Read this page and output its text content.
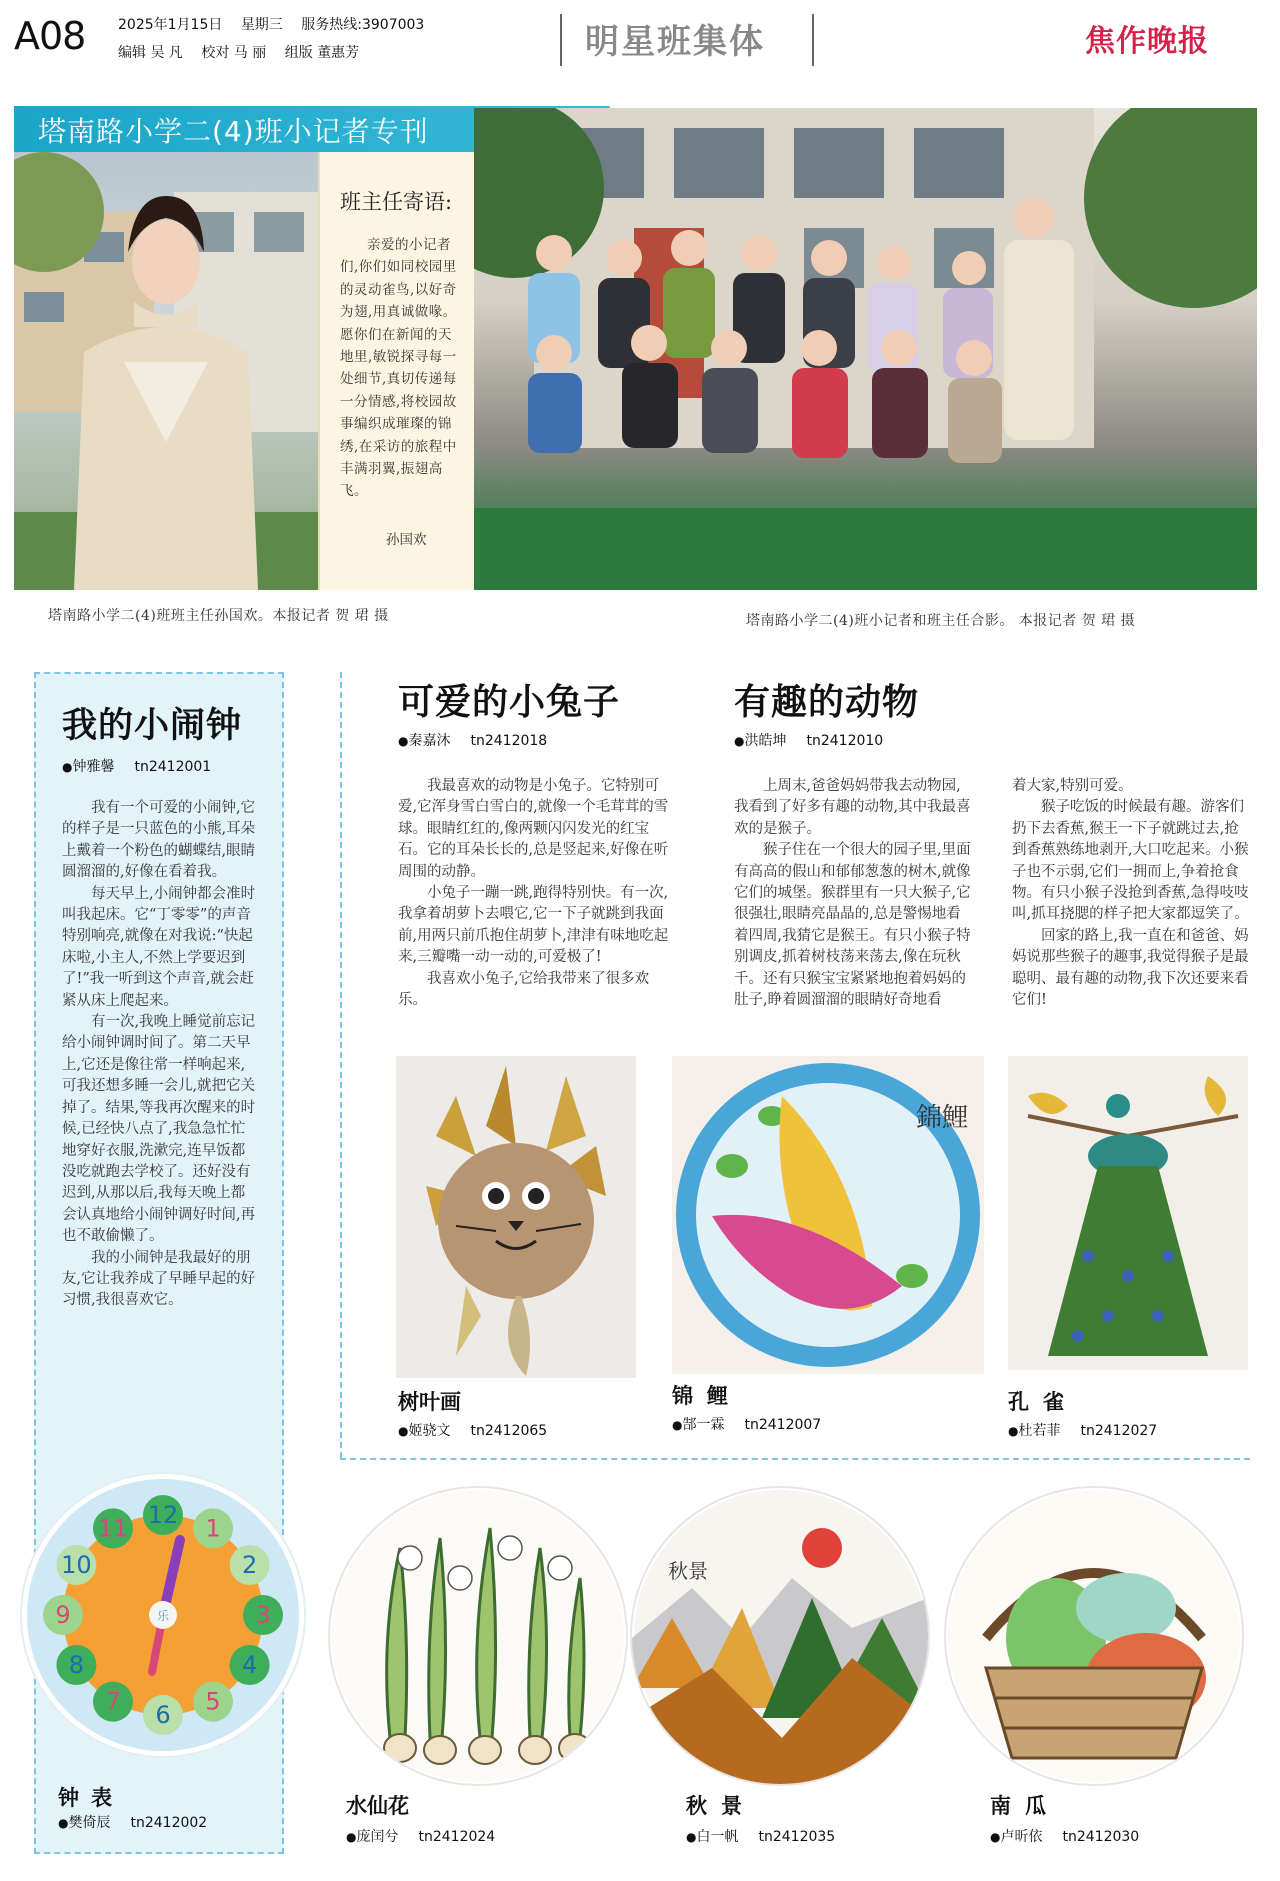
A08 2025年1月15日 星期三 服务热线:3907003
编辑 吴 凡 校对 马 丽 组版 董惠芳	明星班集体	焦作晚报
塔南路小学二(4)班小记者专刊
班主任寄语:
亲爱的小记者们,你们如同校园里的灵动雀鸟,以好奇为翅,用真诚做喙。愿你们在新闻的天地里,敏锐探寻每一处细节,真切传递每一分情感,将校园故事编织成璀璨的锦绣,在采访的旅程中丰满羽翼,振翅高飞。
孙国欢
塔南路小学二(4)班班主任孙国欢。本报记者 贺 珺 摄	塔南路小学二(4)班小记者和班主任合影。 本报记者 贺 珺 摄
我的小闹钟
●钟雅馨 tn2412001

我有一个可爱的小闹钟,它的样子是一只蓝色的小熊,耳朵上戴着一个粉色的蝴蝶结,眼睛圆溜溜的,好像在看着我。

每天早上,小闹钟都会准时叫我起床。它“丁零零”的声音特别响亮,就像在对我说:“快起床啦,小主人,不然上学要迟到了!”我一听到这个声音,就会赶紧从床上爬起来。

有一次,我晚上睡觉前忘记给小闹钟调时间了。第二天早上,它还是像往常一样响起来,可我还想多睡一会儿,就把它关掉了。结果,等我再次醒来的时候,已经快八点了,我急急忙忙地穿好衣服,洗漱完,连早饭都没吃就跑去学校了。还好没有迟到,从那以后,我每天晚上都会认真地给小闹钟调好时间,再也不敢偷懒了。

我的小闹钟是我最好的朋友,它让我养成了早睡早起的好习惯,我很喜欢它。

12 1
2
3
4
5
6
7
8
9
10
11
乐
钟表
●樊倚辰 tn2412002
可爱的小兔子
●秦嘉沐 tn2412018

我最喜欢的动物是小兔子。它特别可爱,它浑身雪白雪白的,就像一个毛茸茸的雪球。眼睛红红的,像两颗闪闪发光的红宝石。它的耳朵长长的,总是竖起来,好像在听周围的动静。

小兔子一蹦一跳,跑得特别快。有一次,我拿着胡萝卜去喂它,它一下子就跳到我面前,用两只前爪抱住胡萝卜,津津有味地吃起来,三瓣嘴一动一动的,可爱极了!

我喜欢小兔子,它给我带来了很多欢乐。

有趣的动物
●洪皓坤 tn2412010

上周末,爸爸妈妈带我去动物园,我看到了好多有趣的动物,其中我最喜欢的是猴子。

猴子住在一个很大的园子里,里面有高高的假山和郁郁葱葱的树木,就像它们的城堡。猴群里有一只大猴子,它很强壮,眼睛亮晶晶的,总是警惕地看着四周,我猜它是猴王。有只小猴子特别调皮,抓着树枝荡来荡去,像在玩秋千。还有只猴宝宝紧紧地抱着妈妈的肚子,睁着圆溜溜的眼睛好奇地看

着大家,特别可爱。

猴子吃饭的时候最有趣。游客们扔下去香蕉,猴王一下子就跳过去,抢到香蕉熟练地剥开,大口吃起来。小猴子也不示弱,它们一拥而上,争着抢食物。有只小猴子没抢到香蕉,急得吱吱叫,抓耳挠腮的样子把大家都逗笑了。

回家的路上,我一直在和爸爸、妈妈说那些猴子的趣事,我觉得猴子是最聪明、最有趣的动物,我下次还要来看它们!

錦鯉
树叶画
●姬骁文 tn2412065
锦鲤
●郜一霖 tn2412007
孔雀
●杜若菲 tn2412027
秋景
水仙花
●庞闰兮 tn2412024
秋景
●白一帆 tn2412035
南瓜
●卢昕依 tn2412030
